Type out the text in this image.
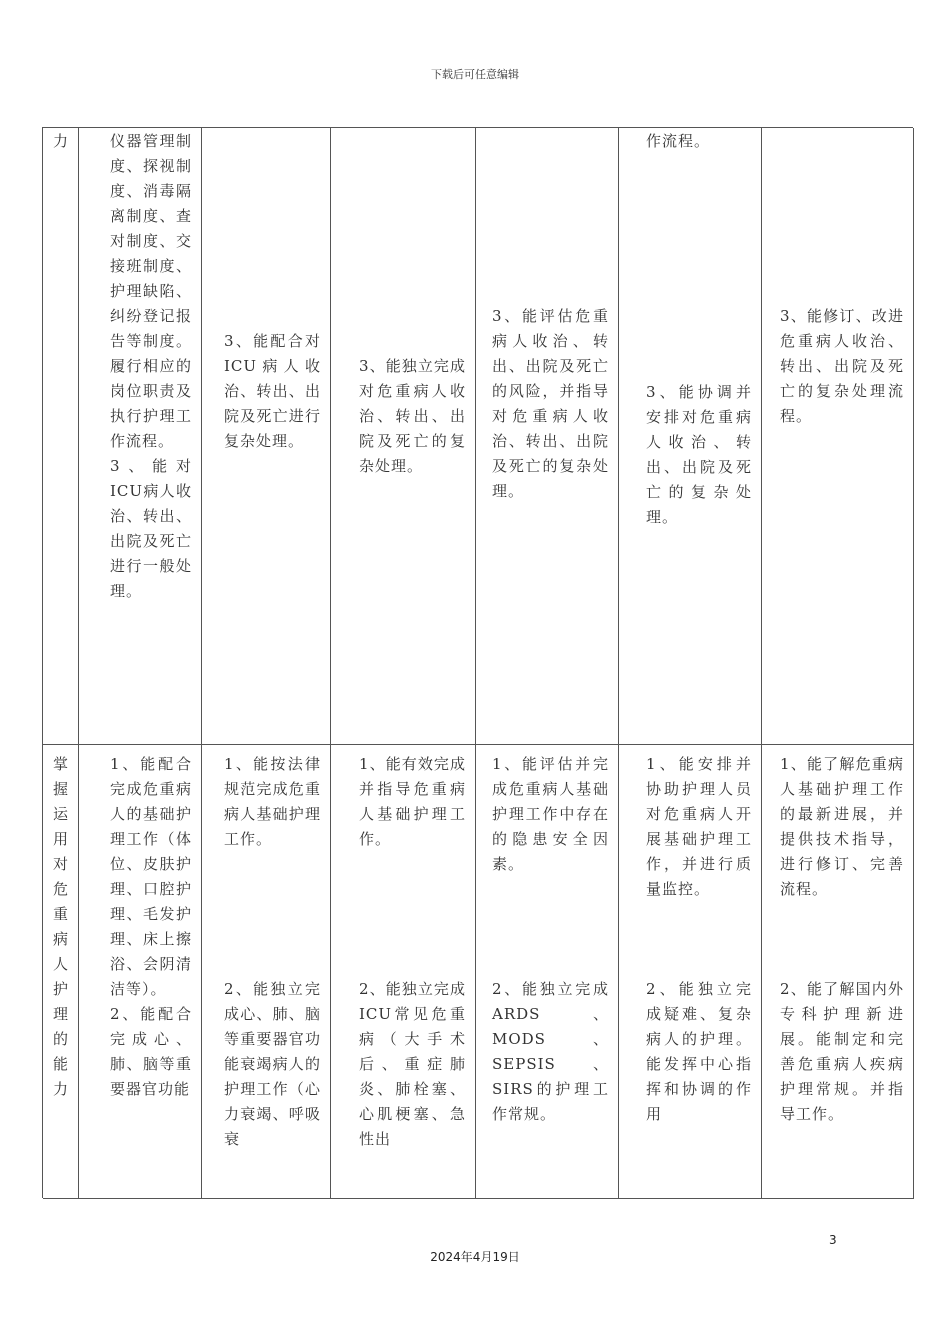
下载后可任意编辑

力	仪器管理制度、探视制度、消毒隔离制度、查对制度、交接班制度、护理缺陷、纠纷登记报告等制度。履行相应的岗位职责及执行护理工作流程。

3、能对ICU病人收治、转出、出院及死亡进行一般处理。

3、能配合对ICU病人收治、转出、出院及死亡进行复杂处理。

3、能独立完成对危重病人收治、转出、出院及死亡的复杂处理。

3、能评估危重病人收治、转出、出院及死亡的风险，并指导对危重病人收治、转出、出院及死亡的复杂处理。

作流程。

3、能协调并安排对危重病人收治、转出、出院及死亡的复杂处理。

3、能修订、改进危重病人收治、转出、出院及死亡的复杂处理流程。

掌握运用对危重病人护理的能力

1、能配合完成危重病人的基础护理工作（体位、皮肤护理、口腔护理、毛发护理、床上擦浴、会阴清洁等）。

2、能配合完成心、肺、脑等重要器官功能

1、能按法律规范完成危重病人基础护理工作。

2、能独立完成心、肺、脑等重要器官功能衰竭病人的护理工作（心力衰竭、呼吸衰

1、能有效完成并指导危重病人基础护理工作。

2、能独立完成ICU常见危重病（大手术后、重症肺炎、肺栓塞、心肌梗塞、急性出

1、能评估并完成危重病人基础护理工作中存在的隐患安全因素。

2、能独立完成ARDS、MODS、SEPSIS、SIRS的护理工作常规。

1、能安排并协助护理人员对危重病人开展基础护理工作，并进行质量监控。

2、能独立完成疑难、复杂病人的护理。能发挥中心指挥和协调的作用

1、能了解危重病人基础护理工作的最新进展，并提供技术指导，进行修订、完善流程。

2、能了解国内外专科护理新进展。能制定和完善危重病人疾病护理常规。并指导工作。

3
2024年4月19日
